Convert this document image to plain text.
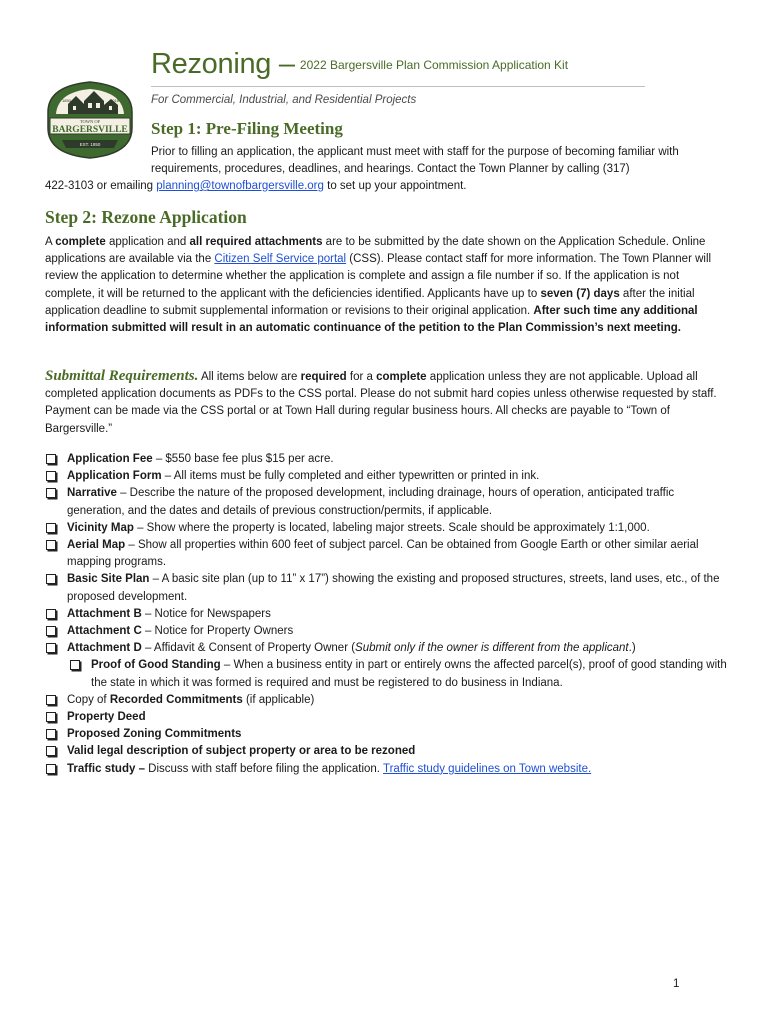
TOWN OF
BARGERSVILLE
1850	2016
EST. 1850
Rezoning – 2022 Bargersville Plan Commission Application Kit
For Commercial, Industrial, and Residential Projects
Step 1: Pre-Filing Meeting
Prior to filling an application, the applicant must meet with staff for the purpose of becoming familiar with requirements, procedures, deadlines, and hearings. Contact the Town Planner by calling (317)
422-3103 or emailing planning@townofbargersville.org to set up your appointment.
Step 2: Rezone Application
A complete application and all required attachments are to be submitted by the date shown on the Application Schedule. Online applications are available via the Citizen Self Service portal (CSS). Please contact staff for more information. The Town Planner will review the application to determine whether the application is complete and assign a file number if so. If the application is not complete, it will be returned to the applicant with the deficiencies identified. Applicants have up to seven (7) days after the initial application deadline to submit supplemental information or revisions to their original application. After such time any additional information submitted will result in an automatic continuance of the petition to the Plan Commission’s next meeting.
Submittal Requirements. All items below are required for a complete application unless they are not applicable. Upload all completed application documents as PDFs to the CSS portal. Please do not submit hard copies unless otherwise requested by staff. Payment can be made via the CSS portal or at Town Hall during regular business hours. All checks are payable to “Town of Bargersville.”
Application Fee – $550 base fee plus $15 per acre.
Application Form – All items must be fully completed and either typewritten or printed in ink.
Narrative – Describe the nature of the proposed development, including drainage, hours of operation, anticipated traffic generation, and the dates and details of previous construction/permits, if applicable.
Vicinity Map – Show where the property is located, labeling major streets. Scale should be approximately 1:1,000.
Aerial Map – Show all properties within 600 feet of subject parcel. Can be obtained from Google Earth or other similar aerial mapping programs.
Basic Site Plan – A basic site plan (up to 11” x 17”) showing the existing and proposed structures, streets, land uses, etc., of the proposed development.
Attachment B – Notice for Newspapers
Attachment C – Notice for Property Owners
Attachment D – Affidavit & Consent of Property Owner (Submit only if the owner is different from the applicant.)
Proof of Good Standing – When a business entity in part or entirely owns the affected parcel(s), proof of good standing with the state in which it was formed is required and must be registered to do business in Indiana.
Copy of Recorded Commitments (if applicable)
Property Deed
Proposed Zoning Commitments
Valid legal description of subject property or area to be rezoned
Traffic study – Discuss with staff before filing the application. Traffic study guidelines on Town website.
1
